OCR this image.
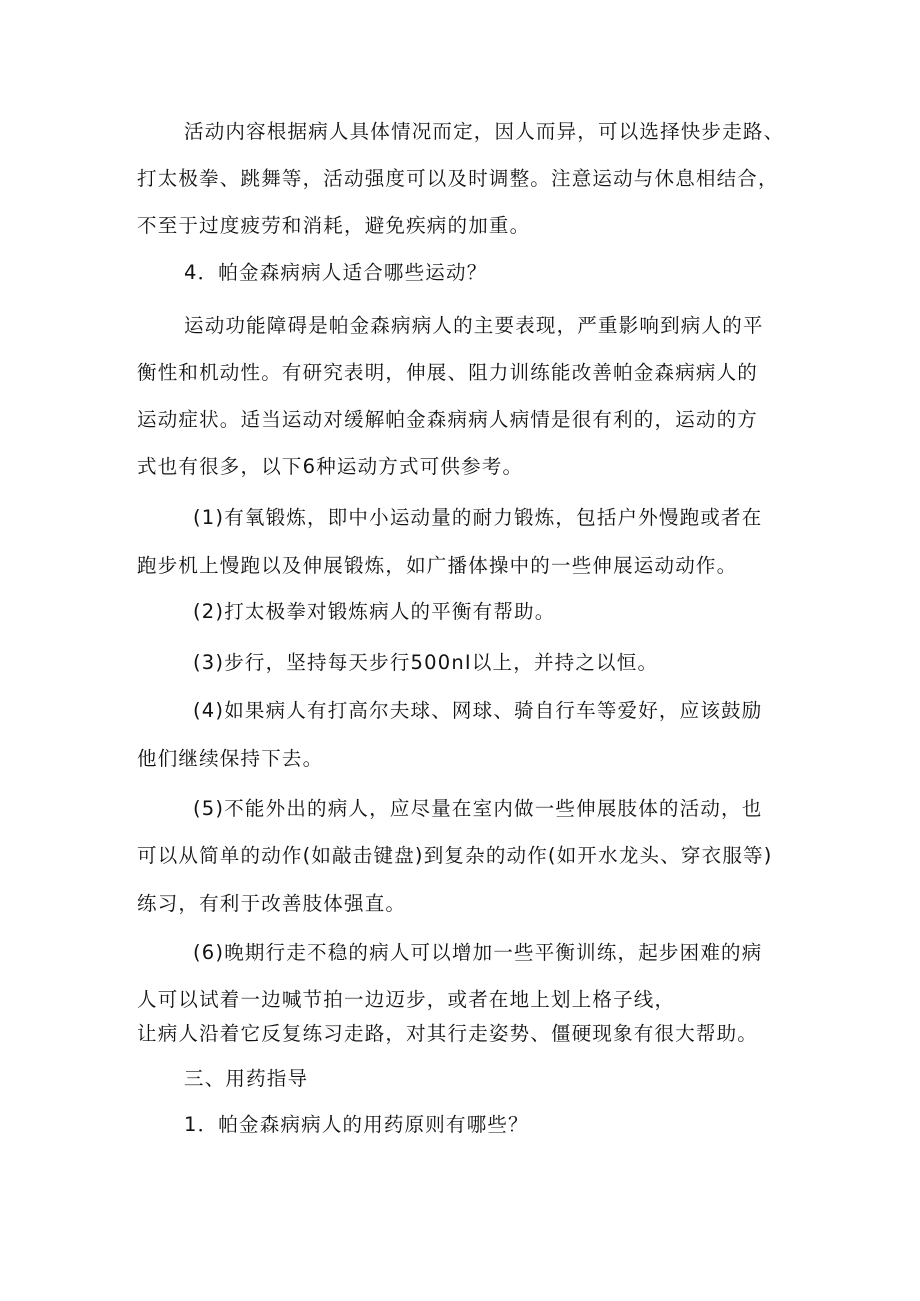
活动内容根据病人具体情况而定，因人而异，可以选择快步走路、
打太极拳、跳舞等，活动强度可以及时调整。注意运动与休息相结合，
不至于过度疲劳和消耗，避免疾病的加重。
4．帕金森病病人适合哪些运动？
运动功能障碍是帕金森病病人的主要表现，严重影响到病人的平
衡性和机动性。有研究表明，伸展、阻力训练能改善帕金森病病人的
运动症状。适当运动对缓解帕金森病病人病情是很有利的，运动的方
式也有很多，以下6种运动方式可供参考。
(1)有氧锻炼，即中小运动量的耐力锻炼，包括户外慢跑或者在
跑步机上慢跑以及伸展锻炼，如广播体操中的一些伸展运动动作。
(2)打太极拳对锻炼病人的平衡有帮助。
(3)步行，坚持每天步行500nI以上，并持之以恒。
(4)如果病人有打高尔夫球、网球、骑自行车等爱好，应该鼓励
他们继续保持下去。
(5)不能外出的病人，应尽量在室内做一些伸展肢体的活动，也
可以从简单的动作(如敲击键盘)到复杂的动作(如开水龙头、穿衣服等)
练习，有利于改善肢体强直。
(6)晚期行走不稳的病人可以增加一些平衡训练，起步困难的病
人可以试着一边喊节拍一边迈步，或者在地上划上格子线，
让病人沿着它反复练习走路，对其行走姿势、僵硬现象有很大帮助。
三、用药指导
1．帕金森病病人的用药原则有哪些？
